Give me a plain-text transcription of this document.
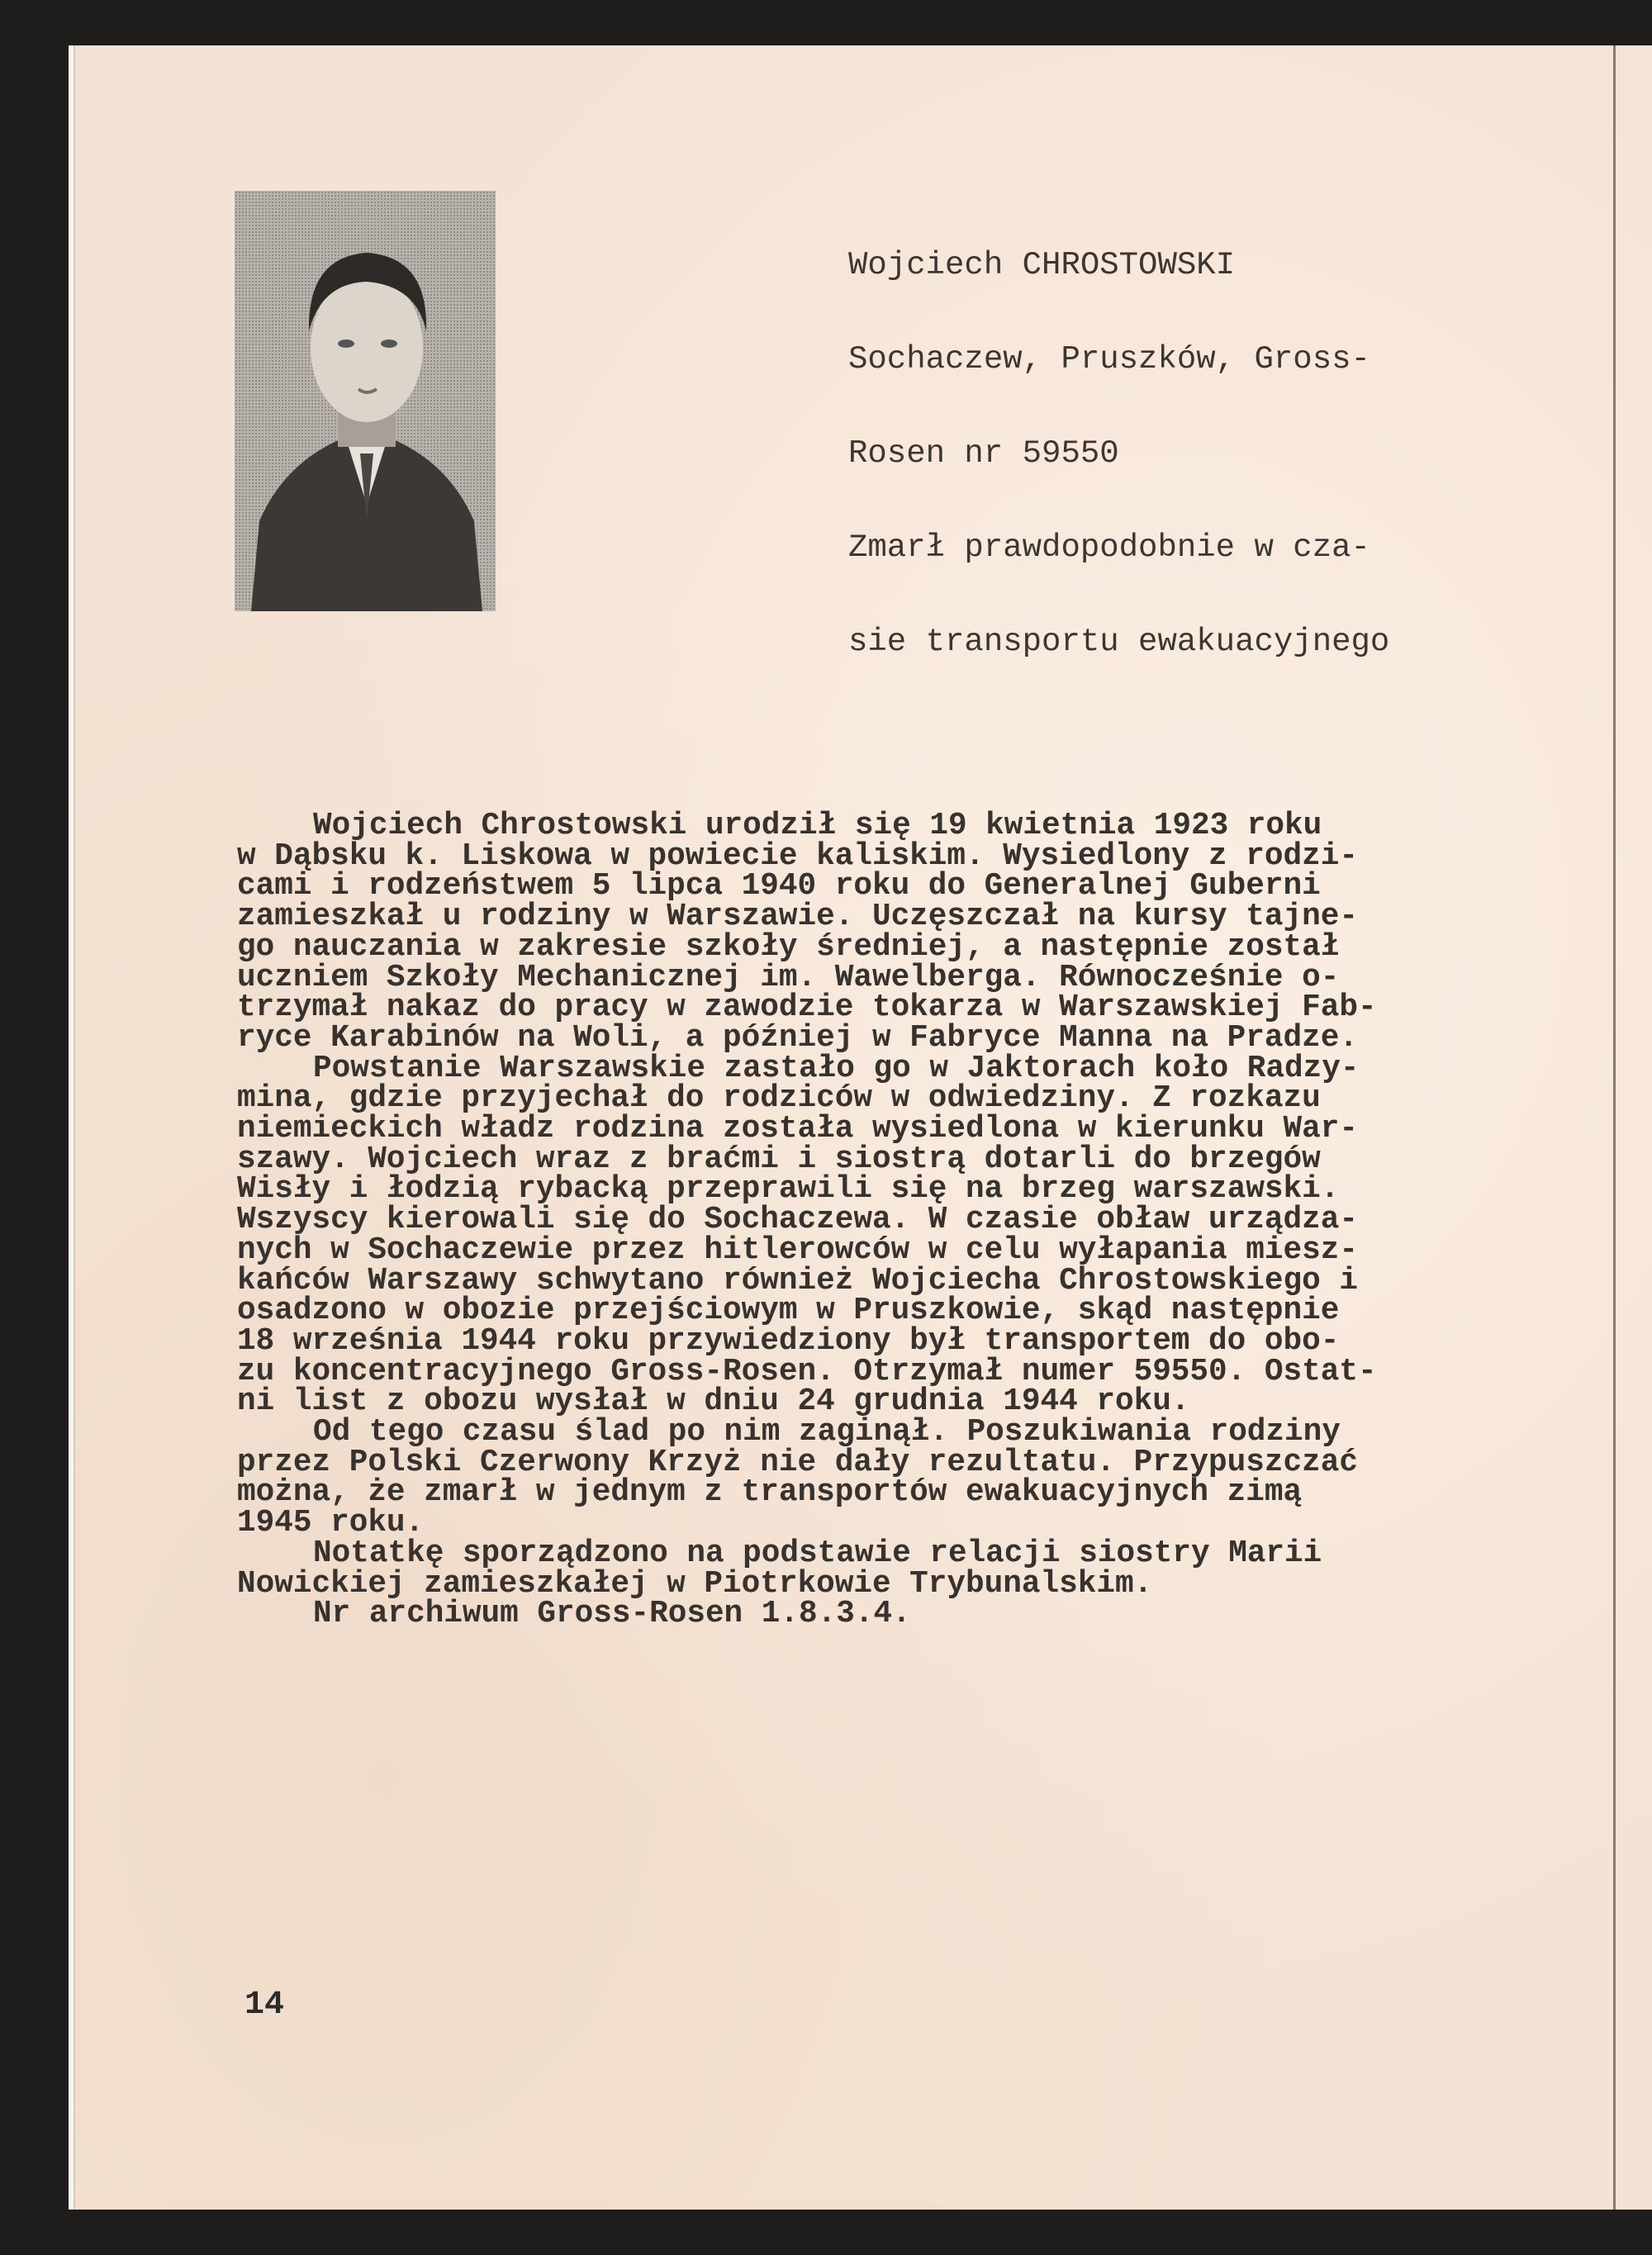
Wojciech CHROSTOWSKI

Sochaczew, Pruszków, Gross-

Rosen nr 59550

Zmarł prawdopodobnie w cza-

sie transportu ewakuacyjnego

Wojciech Chrostowski urodził się 19 kwietnia 1923 roku
w Dąbsku k. Liskowa w powiecie kaliskim. Wysiedlony z rodzi-
cami i rodzeństwem 5 lipca 1940 roku do Generalnej Guberni
zamieszkał u rodziny w Warszawie. Uczęszczał na kursy tajne-
go nauczania w zakresie szkoły średniej, a następnie został
uczniem Szkoły Mechanicznej im. Wawelberga. Równocześnie o-
trzymał nakaz do pracy w zawodzie tokarza w Warszawskiej Fab-
ryce Karabinów na Woli, a później w Fabryce Manna na Pradze.

Powstanie Warszawskie zastało go w Jaktorach koło Radzy-
mina, gdzie przyjechał do rodziców w odwiedziny. Z rozkazu
niemieckich władz rodzina została wysiedlona w kierunku War-
szawy. Wojciech wraz z braćmi i siostrą dotarli do brzegów
Wisły i łodzią rybacką przeprawili się na brzeg warszawski.
Wszyscy kierowali się do Sochaczewa. W czasie obław urządza-
nych w Sochaczewie przez hitlerowców w celu wyłapania miesz-
kańców Warszawy schwytano również Wojciecha Chrostowskiego i
osadzono w obozie przejściowym w Pruszkowie, skąd następnie
18 września 1944 roku przywiedziony był transportem do obo-
zu koncentracyjnego Gross-Rosen. Otrzymał numer 59550. Ostat-
ni list z obozu wysłał w dniu 24 grudnia 1944 roku.

Od tego czasu ślad po nim zaginął. Poszukiwania rodziny
przez Polski Czerwony Krzyż nie dały rezultatu. Przypuszczać
można, że zmarł w jednym z transportów ewakuacyjnych zimą
1945 roku.

Notatkę sporządzono na podstawie relacji siostry Marii
Nowickiej zamieszkałej w Piotrkowie Trybunalskim.

Nr archiwum Gross-Rosen 1.8.3.4.

14
